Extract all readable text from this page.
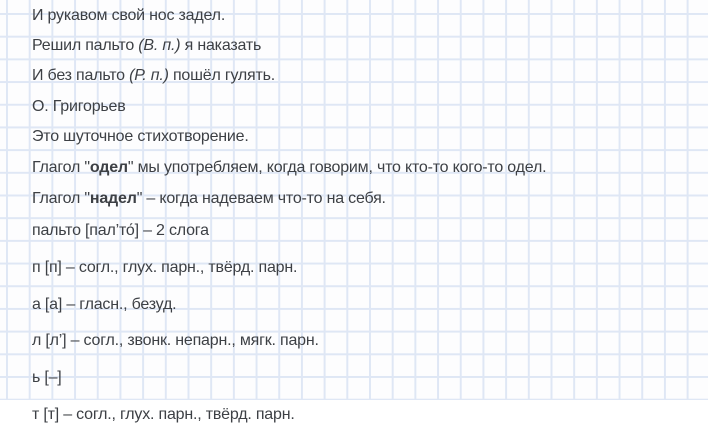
И рукавом свой нос задел.

Решил пальто (В. п.) я наказать

И без пальто (Р. п.) пошёл гулять.

О. Григорьев

Это шуточное стихотворение.

Глагол "одел" мы употребляем, когда говорим, что кто-то кого-то одел.

Глагол "надел" – когда надеваем что-то на себя.

пальто [пал’то́] – 2 слога

п [п] – согл., глух. парн., твёрд. парн.

а [а] – гласн., безуд.

л [л’] – согл., звонк. непарн., мягк. парн.

ь [–]

т [т] – согл., глух. парн., твёрд. парн.
